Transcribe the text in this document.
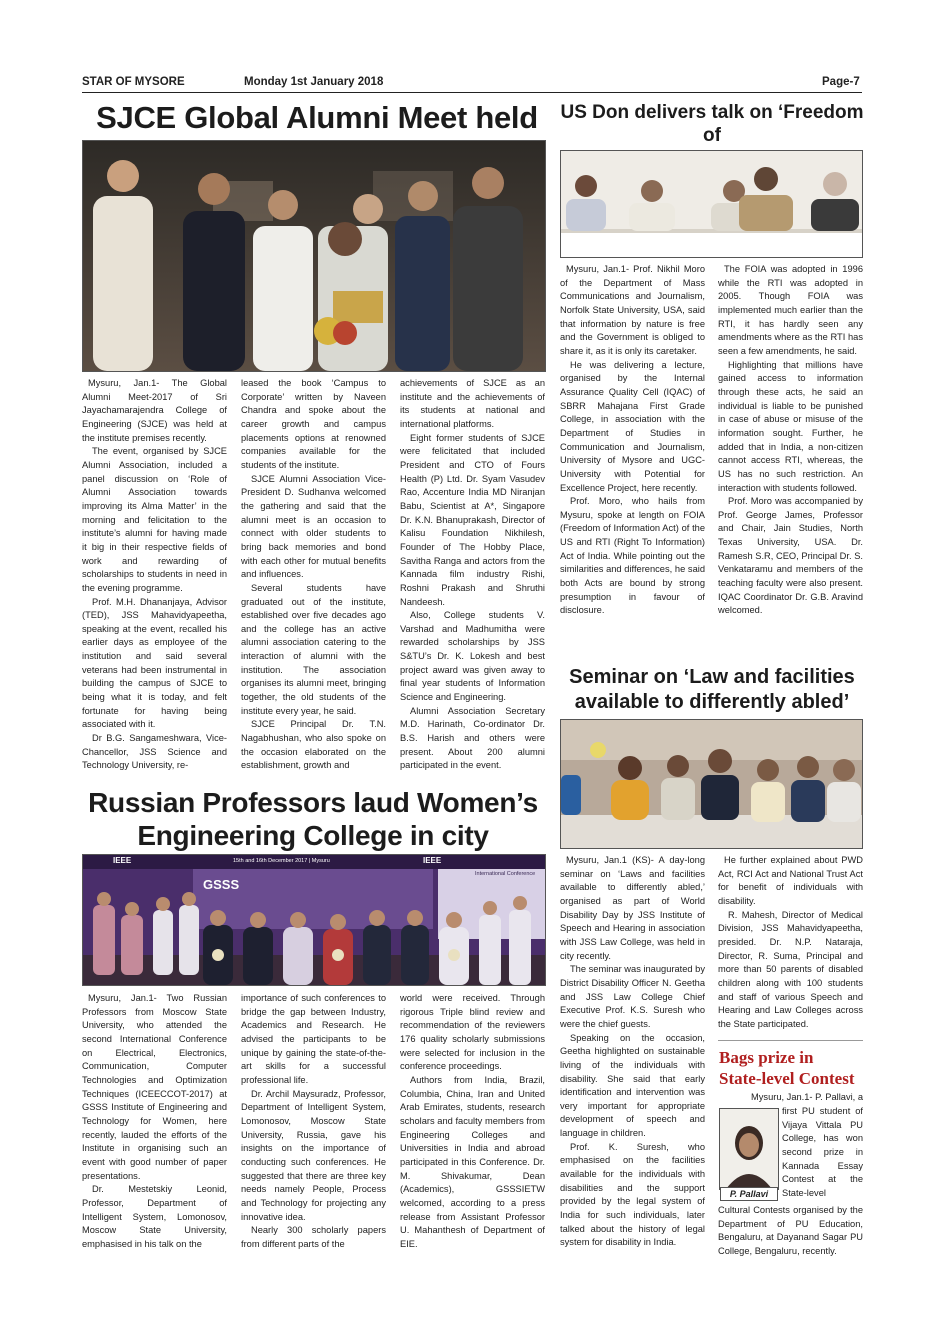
STAR OF MYSORE	Monday 1st January 2018	Page-7
SJCE Global Alumni Meet held

Mysuru, Jan.1- The Global Alumni Meet-2017 of Sri Jayachamarajendra College of Engineering (SJCE) was held at the institute premises recently.

The event, organised by SJCE Alumni Association, included a panel discussion on ‘Role of Alumni Association towards improving its Alma Matter’ in the morning and felicitation to the institute’s alumni for having made it big in their respective fields of work and rewarding of scholarships to students in need in the evening programme.

Prof. M.H. Dhananjaya, Advisor (TED), JSS Mahavidyapeetha, speaking at the event, recalled his earlier days as employee of the institution and said several veterans had been instrumental in building the campus of SJCE to being what it is today, and felt fortunate for having being associated with it.

Dr B.G. Sangameshwara, Vice-Chancellor, JSS Science and Technology University, re-

leased the book ‘Campus to Corporate’ written by Naveen Chandra and spoke about the career growth and campus placements options at renowned companies available for the students of the institute.

SJCE Alumni Association Vice-President D. Sudhanva welcomed the gathering and said that the alumni meet is an occasion to connect with older students to bring back memories and bond with each other for mutual benefits and influences.

Several students have graduated out of the institute, established over five decades ago and the college has an active alumni association catering to the interaction of alumni with the institution. The association organises its alumni meet, bringing together, the old students of the institute every year, he said.

SJCE Principal Dr. T.N. Nagabhushan, who also spoke on the occasion elaborated on the establishment, growth and

achievements of SJCE as an institute and the achievements of its students at national and international platforms.

Eight former students of SJCE were felicitated that included President and CTO of Fours Health (P) Ltd. Dr. Syam Vasudev Rao, Accenture India MD Niranjan Babu, Scientist at A*, Singapore Dr. K.N. Bhanuprakash, Director of Kalisu Foundation Nikhilesh, Founder of The Hobby Place, Savitha Ranga and actors from the Kannada film industry Rishi, Roshni Prakash and Shruthi Nandeesh.

Also, College students V. Varshad and Madhumitha were rewarded scholarships by JSS S&TU’s Dr. K. Lokesh and best project award was given away to final year students of Information Science and Engineering.

Alumni Association Secretary M.D. Harinath, Co-ordinator Dr. B.S. Harish and others were present. About 200 alumni participated in the event.

Russian Professors laud Women’s
Engineering College in city
IEEE	15th and 16th December 2017 | Mysuru
GSSS
IEEE
International Conference

Mysuru, Jan.1- Two Russian Professors from Moscow State University, who attended the second International Conference on Electrical, Electronics, Communication, Computer Technologies and Optimization Techniques (ICEECCOT-2017) at GSSS Institute of Engineering and Technology for Women, here recently, lauded the efforts of the Institute in organising such an event with good number of paper presentations.

Dr. Mestetskiy Leonid, Professor, Department of Intelligent System, Lomonosov, Moscow State University, emphasised in his talk on the

importance of such conferences to bridge the gap between Industry, Academics and Research. He advised the participants to be unique by gaining the state-of-the-art skills for a successful professional life.

Dr. Archil Maysuradz, Professor, Department of Intelligent System, Lomonosov, Moscow State University, Russia, gave his insights on the importance of conducting such conferences. He suggested that there are three key needs namely People, Process and Technology for projecting any innovative idea.

Nearly 300 scholarly papers from different parts of the

world were received. Through rigorous Triple blind review and recommendation of the reviewers 176 quality scholarly submissions were selected for inclusion in the conference proceedings.

Authors from India, Brazil, Columbia, China, Iran and United Arab Emirates, students, research scholars and faculty members from Engineering Colleges and Universities in India and abroad participated in this Conference. Dr. M. Shivakumar, Dean (Academics), GSSSIETW welcomed, according to a press release from Assistant Professor U. Mahanthesh of Department of EIE.

US Don delivers talk on ‘Freedom of

Mysuru, Jan.1- Prof. Nikhil Moro of the Department of Mass Communications and Journalism, Norfolk State University, USA, said that information by nature is free and the Government is obliged to share it, as it is only its caretaker.

He was delivering a lecture, organised by the Internal Assurance Quality Cell (IQAC) of SBRR Mahajana First Grade College, in association with the Department of Studies in Communication and Journalism, University of Mysore and UGC-University with Potential for Excellence Project, here recently.

Prof. Moro, who hails from Mysuru, spoke at length on FOIA (Freedom of Information Act) of the US and RTI (Right To Information) Act of India. While pointing out the similarities and differences, he said both Acts are bound by strong presumption in favour of disclosure.

The FOIA was adopted in 1996 while the RTI was adopted in 2005. Though FOIA was implemented much earlier than the RTI, it has hardly seen any amendments where as the RTI has seen a few amendments, he said.

Highlighting that millions have gained access to information through these acts, he said an individual is liable to be punished in case of abuse or misuse of the information sought. Further, he added that in India, a non-citizen cannot access RTI, whereas, the US has no such restriction. An interaction with students followed.

Prof. Moro was accompanied by Prof. George James, Professor and Chair, Jain Studies, North Texas University, USA. Dr. Ramesh S.R, CEO, Principal Dr. S. Venkataramu and members of the teaching faculty were also present. IQAC Coordinator Dr. G.B. Aravind welcomed.

Seminar on ‘Law and facilities
available to differently abled’

Mysuru, Jan.1 (KS)- A day-long seminar on ‘Laws and facilities available to differently abled,’ organised as part of World Disability Day by JSS Institute of Speech and Hearing in association with JSS Law College, was held in city recently.

The seminar was inaugurated by District Disability Officer N. Geetha and JSS Law College Chief Executive Prof. K.S. Suresh who were the chief guests.

Speaking on the occasion, Geetha highlighted on sustainable living of the individuals with disability. She said that early identification and intervention was very important for appropriate development of speech and language in children.

Prof. K. Suresh, who emphasised on the facilities available for the individuals with disabilities and the support provided by the legal system of India for such individuals, later talked about the history of legal system for disability in India.

He further explained about PWD Act, RCI Act and National Trust Act for benefit of individuals with disability.

R. Mahesh, Director of Medical Division, JSS Mahavidyapeetha, presided. Dr. N.P. Nataraja, Director, R. Suma, Principal and more than 50 parents of disabled children along with 100 students and staff of various Speech and Hearing and Law Colleges across the State participated.

Bags prize in
State-level Contest

Mysuru, Jan.1- P. Pallavi, a

P. Pallavi

first PU student of Vijaya Vittala PU College, has won second prize in Kannada Essay Contest at the State-level

Cultural Contests organised by the Department of PU Education, Bengaluru, at Dayanand Sagar PU College, Bengaluru, recently.
